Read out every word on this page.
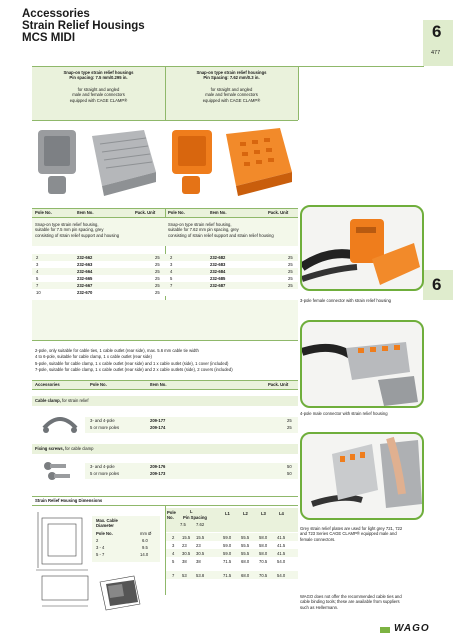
Accessories
Strain Relief Housings
MCS MIDI	6
477
6
Snap-on type strain relief housings
Pin spacing: 7.5 mm/0.295 in.
for straight and angled
male and female connectors
equipped with CAGE CLAMP®
Snap-on type strain relief housings
Pin Spacing: 7.62 mm/0.3 in.
for straight and angled
male and female connectors
equipped with CAGE CLAMP®
Pole No.	Item No.	Pack. Unit	Pole No.	Item No.	Pack. Unit
Snap-on type strain relief housing,
suitable for 7.5 mm pin spacing, grey
consisting of strain relief support and housing
Snap-on type strain relief housing,
suitable for 7.62 mm pin spacing, grey
consisting of strain relief support and strain relief housing
2	232-662	25 2	232-682	25
3	232-663	25 3	232-683	25
4	232-664	25 4	232-684	25
5	232-665	25 5	232-685	25
7	232-667	25 7	232-687	25
10	232-670	25
2-pole, only suitable for cable ties, 1 cable outlet (rear side), max. 5.6 mm cable tie width
4 to 6-pole, suitable for cable clamp, 1 x cable outlet (rear side)
5-pole, suitable for cable clamp, 1 x cable outlet (rear side) and 1 x cable outlet (side), 1 cover (included)
7-pole, suitable for cable clamp, 1 x cable outlet (rear side) and 2 x cable outlets (side), 2 covers (included)
Accessories	Pole No.	Item No.	Pack. Unit
Cable clamp, for strain relief
3- and 4-pole	209-177	25
5 or more poles	209-174	25
Fixing screws, for cable clamp
3- and 4-pole	209-176	50
5 or more poles	209-173	50
Strain Relief Housing Dimensions
Max. Cable
Diameter
Pole No.	mm Ø
2	6.0
3 - 4	9.5
5 - 7	14.0
Pole
No.
L
Pin Spacing
7.5 7.62
L1	L2	L3	L4
2 15.5 15.5	59.0 55.5 58.0 41.5
3 23 23	59.0 55.5 58.0 41.5
4 30.5 30.5	59.0 55.5 58.0 41.5
5 38 38	71.5 68.0 70.5 54.0
7 53 53.8	71.5 68.0 70.5 54.0
3-pole female connector with strain relief housing
4-pole male connector with strain relief housing
Grey strain relief plates are used for light grey 721, 722
and 723 Series CAGE CLAMP® equipped male and
female connectors.
WAGO does not offer the recommended cable ties and
cable binding tools; these are available from suppliers
such as Hellermann.
WAGO
